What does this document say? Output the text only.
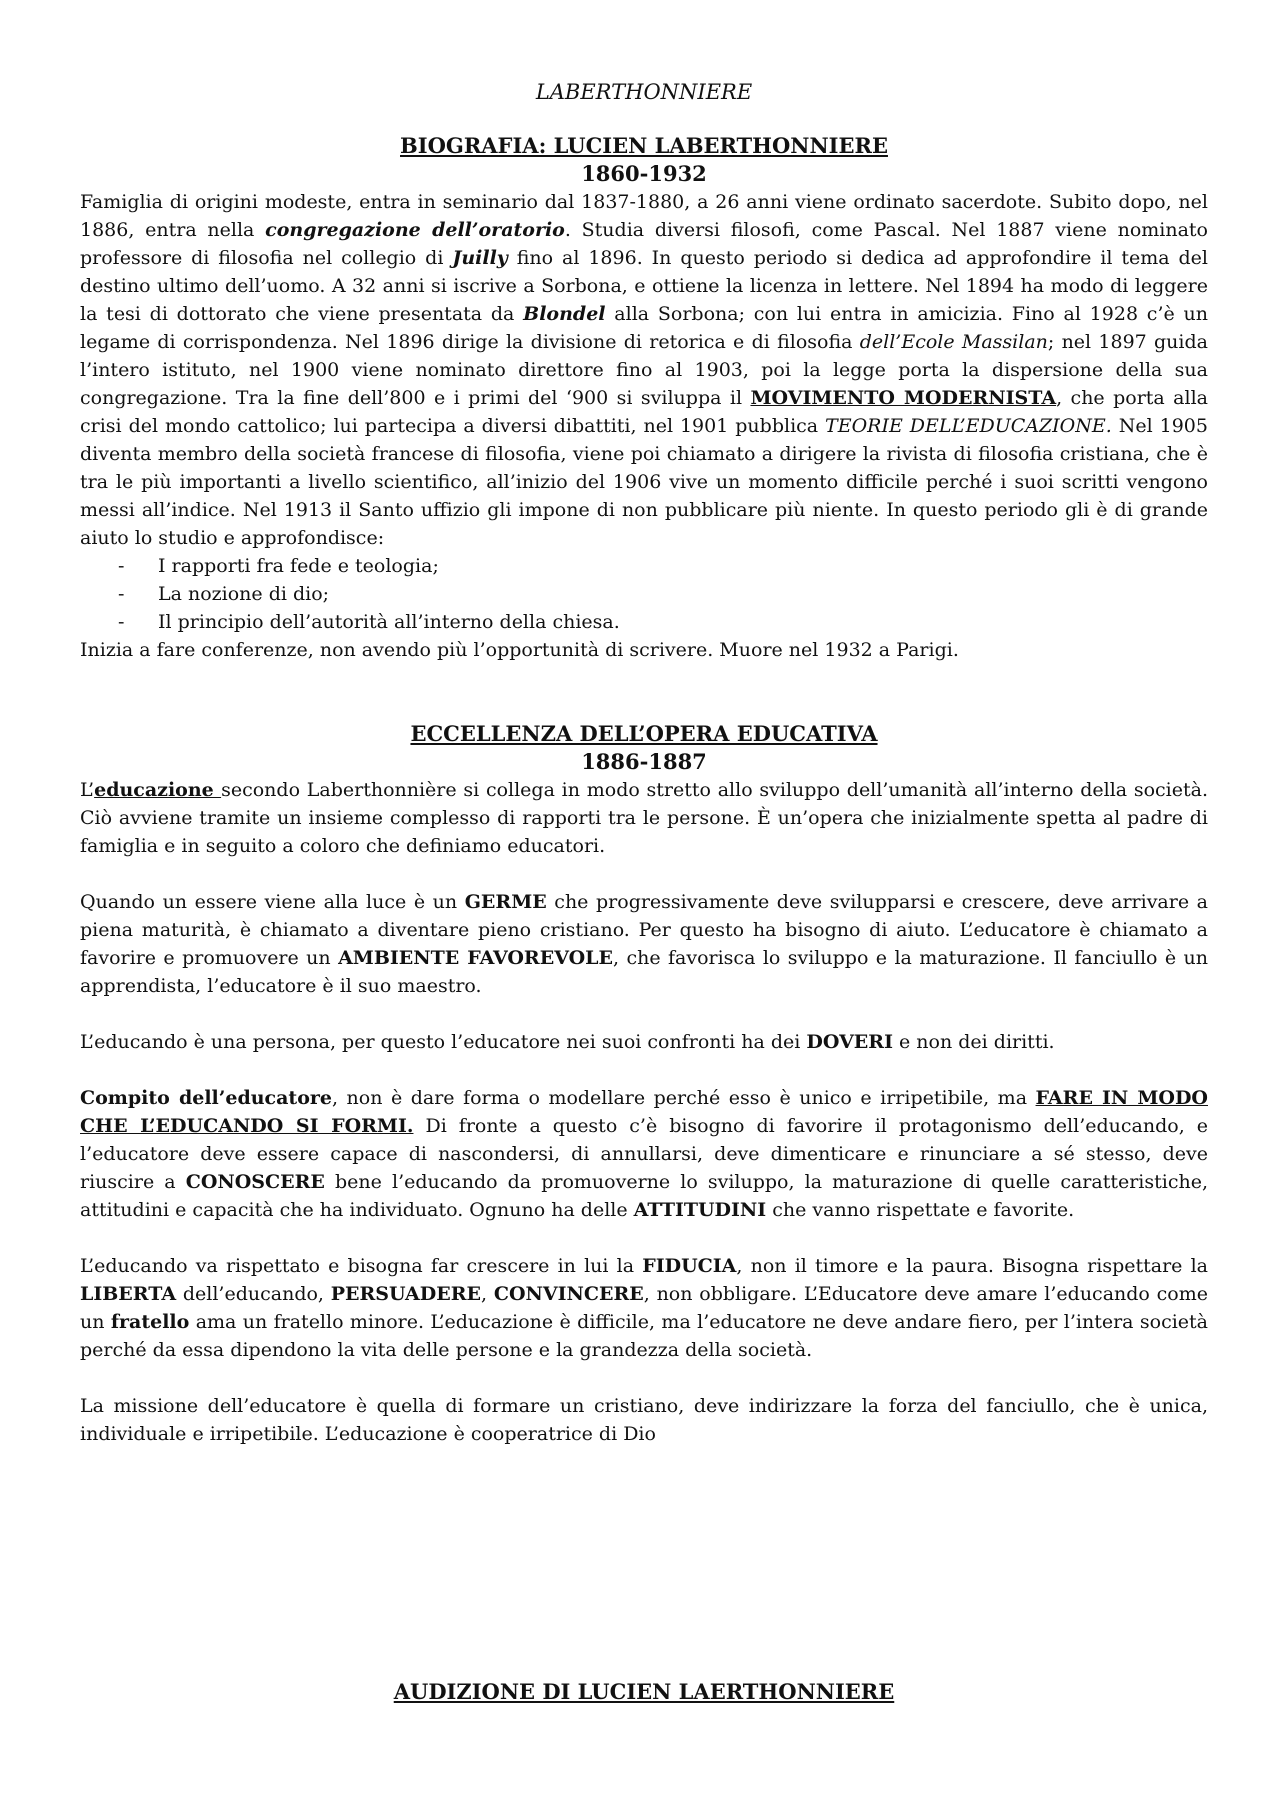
LABERTHONNIERE
BIOGRAFIA: LUCIEN LABERTHONNIERE
1860-1932

Famiglia di origini modeste, entra in seminario dal 1837-1880, a 26 anni viene ordinato sacerdote. Subito dopo, nel 1886, entra nella congregazione dell’oratorio. Studia diversi filosofi, come Pascal. Nel 1887 viene nominato professore di filosofia nel collegio di Juilly fino al 1896. In questo periodo si dedica ad approfondire il tema del destino ultimo dell’uomo. A 32 anni si iscrive a Sorbona, e ottiene la licenza in lettere. Nel 1894 ha modo di leggere la tesi di dottorato che viene presentata da Blondel alla Sorbona; con lui entra in amicizia. Fino al 1928 c’è un legame di corrispondenza. Nel 1896 dirige la divisione di retorica e di filosofia dell’Ecole Massilan; nel 1897 guida l’intero istituto, nel 1900 viene nominato direttore fino al 1903, poi la legge porta la dispersione della sua congregazione. Tra la fine dell’800 e i primi del ‘900 si sviluppa il MOVIMENTO MODERNISTA, che porta alla crisi del mondo cattolico; lui partecipa a diversi dibattiti, nel 1901 pubblica TEORIE DELL’EDUCAZIONE. Nel 1905 diventa membro della società francese di filosofia, viene poi chiamato a dirigere la rivista di filosofia cristiana, che è tra le più importanti a livello scientifico, all’inizio del 1906 vive un momento difficile perché i suoi scritti vengono messi all’indice. Nel 1913 il Santo uffizio gli impone di non pubblicare più niente. In questo periodo gli è di grande aiuto lo studio e approfondisce:

- I rapporti fra fede e teologia;
- La nozione di dio;
- Il principio dell’autorità all’interno della chiesa.

Inizia a fare conferenze, non avendo più l’opportunità di scrivere. Muore nel 1932 a Parigi.

ECCELLENZA DELL’OPERA EDUCATIVA
1886-1887

L’educazione secondo Laberthonnière si collega in modo stretto allo sviluppo dell’umanità all’interno della società. Ciò avviene tramite un insieme complesso di rapporti tra le persone. È un’opera che inizialmente spetta al padre di famiglia e in seguito a coloro che definiamo educatori.

Quando un essere viene alla luce è un GERME che progressivamente deve svilupparsi e crescere, deve arrivare a piena maturità, è chiamato a diventare pieno cristiano. Per questo ha bisogno di aiuto. L’educatore è chiamato a favorire e promuovere un AMBIENTE FAVOREVOLE, che favorisca lo sviluppo e la maturazione. Il fanciullo è un apprendista, l’educatore è il suo maestro.

L’educando è una persona, per questo l’educatore nei suoi confronti ha dei DOVERI e non dei diritti.

Compito dell’educatore, non è dare forma o modellare perché esso è unico e irripetibile, ma FARE IN MODO CHE L’EDUCANDO SI FORMI. Di fronte a questo c’è bisogno di favorire il protagonismo dell’educando, e l’educatore deve essere capace di nascondersi, di annullarsi, deve dimenticare e rinunciare a sé stesso, deve riuscire a CONOSCERE bene l’educando da promuoverne lo sviluppo, la maturazione di quelle caratteristiche, attitudini e capacità che ha individuato. Ognuno ha delle ATTITUDINI che vanno rispettate e favorite.

L’educando va rispettato e bisogna far crescere in lui la FIDUCIA, non il timore e la paura. Bisogna rispettare la LIBERTA dell’educando, PERSUADERE, CONVINCERE, non obbligare. L’Educatore deve amare l’educando come un fratello ama un fratello minore. L’educazione è difficile, ma l’educatore ne deve andare fiero, per l’intera società perché da essa dipendono la vita delle persone e la grandezza della società.

La missione dell’educatore è quella di formare un cristiano, deve indirizzare la forza del fanciullo, che è unica, individuale e irripetibile. L’educazione è cooperatrice di Dio

AUDIZIONE DI LUCIEN LAERTHONNIERE
